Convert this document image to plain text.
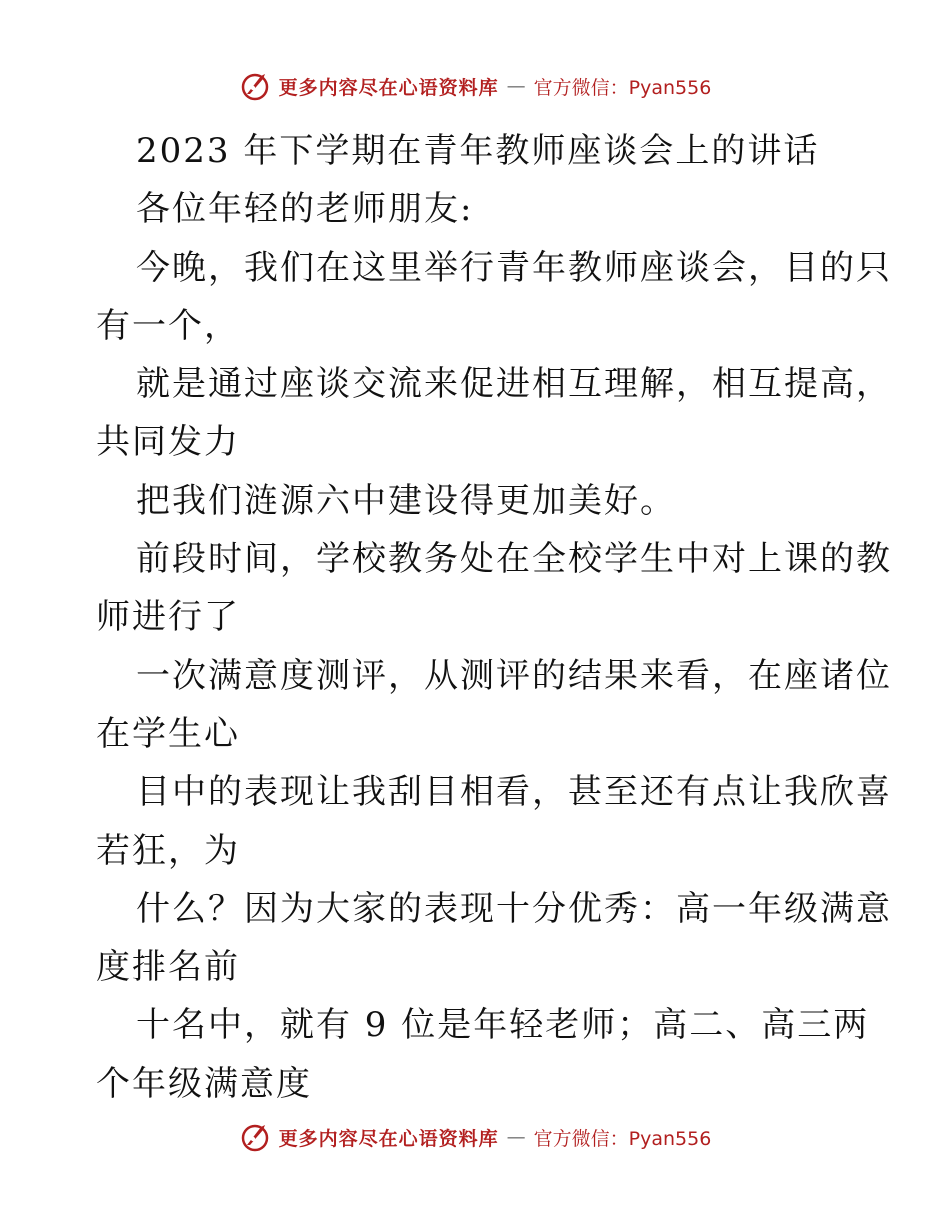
更多内容尽在心语资料库 — 官方微信：Pyan556
2023 年下学期在青年教师座谈会上的讲话
各位年轻的老师朋友:
今晚，我们在这里举行青年教师座谈会，目的只
有一个，
就是通过座谈交流来促进相互理解，相互提高，
共同发力
把我们涟源六中建设得更加美好。
前段时间，学校教务处在全校学生中对上课的教
师进行了
一次满意度测评，从测评的结果来看，在座诸位
在学生心
目中的表现让我刮目相看，甚至还有点让我欣喜
若狂，为
什么？因为大家的表现十分优秀：高一年级满意
度排名前
十名中，就有 9 位是年轻老师；高二、高三两
个年级满意度
更多内容尽在心语资料库 — 官方微信：Pyan556
